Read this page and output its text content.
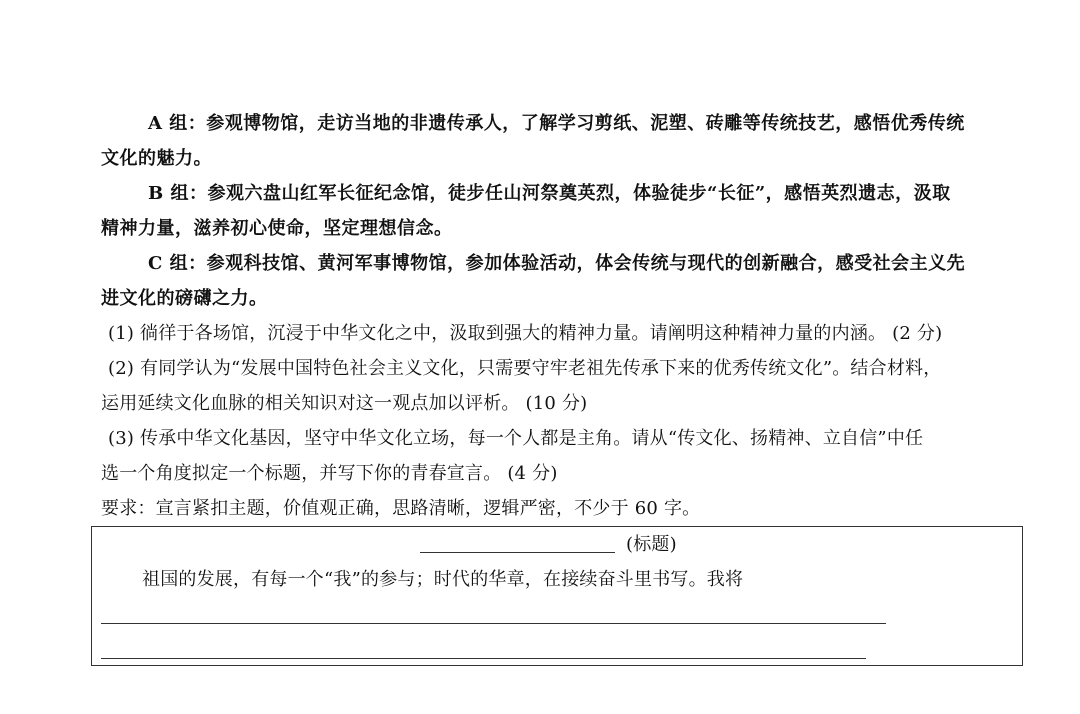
A 组：参观博物馆，走访当地的非遗传承人，了解学习剪纸、泥塑、砖雕等传统技艺，感悟优秀传统
文化的魅力。
B 组：参观六盘山红军长征纪念馆，徒步任山河祭奠英烈，体验徒步“长征”，感悟英烈遗志，汲取
精神力量，滋养初心使命，坚定理想信念。
C 组：参观科技馆、黄河军事博物馆，参加体验活动，体会传统与现代的创新融合，感受社会主义先
进文化的磅礴之力。
(1) 徜徉于各场馆，沉浸于中华文化之中，汲取到强大的精神力量。请阐明这种精神力量的内涵。 (2 分)
(2) 有同学认为“发展中国特色社会主义文化，只需要守牢老祖先传承下来的优秀传统文化”。结合材料，
运用延续文化血脉的相关知识对这一观点加以评析。 (10 分)
(3) 传承中华文化基因，坚守中华文化立场，每一个人都是主角。请从“传文化、扬精神、立自信”中任
选一个角度拟定一个标题，并写下你的青春宣言。 (4 分)
要求：宣言紧扣主题，价值观正确，思路清晰，逻辑严密，不少于 60 字。
(标题)
祖国的发展，有每一个“我”的参与；时代的华章，在接续奋斗里书写。我将
